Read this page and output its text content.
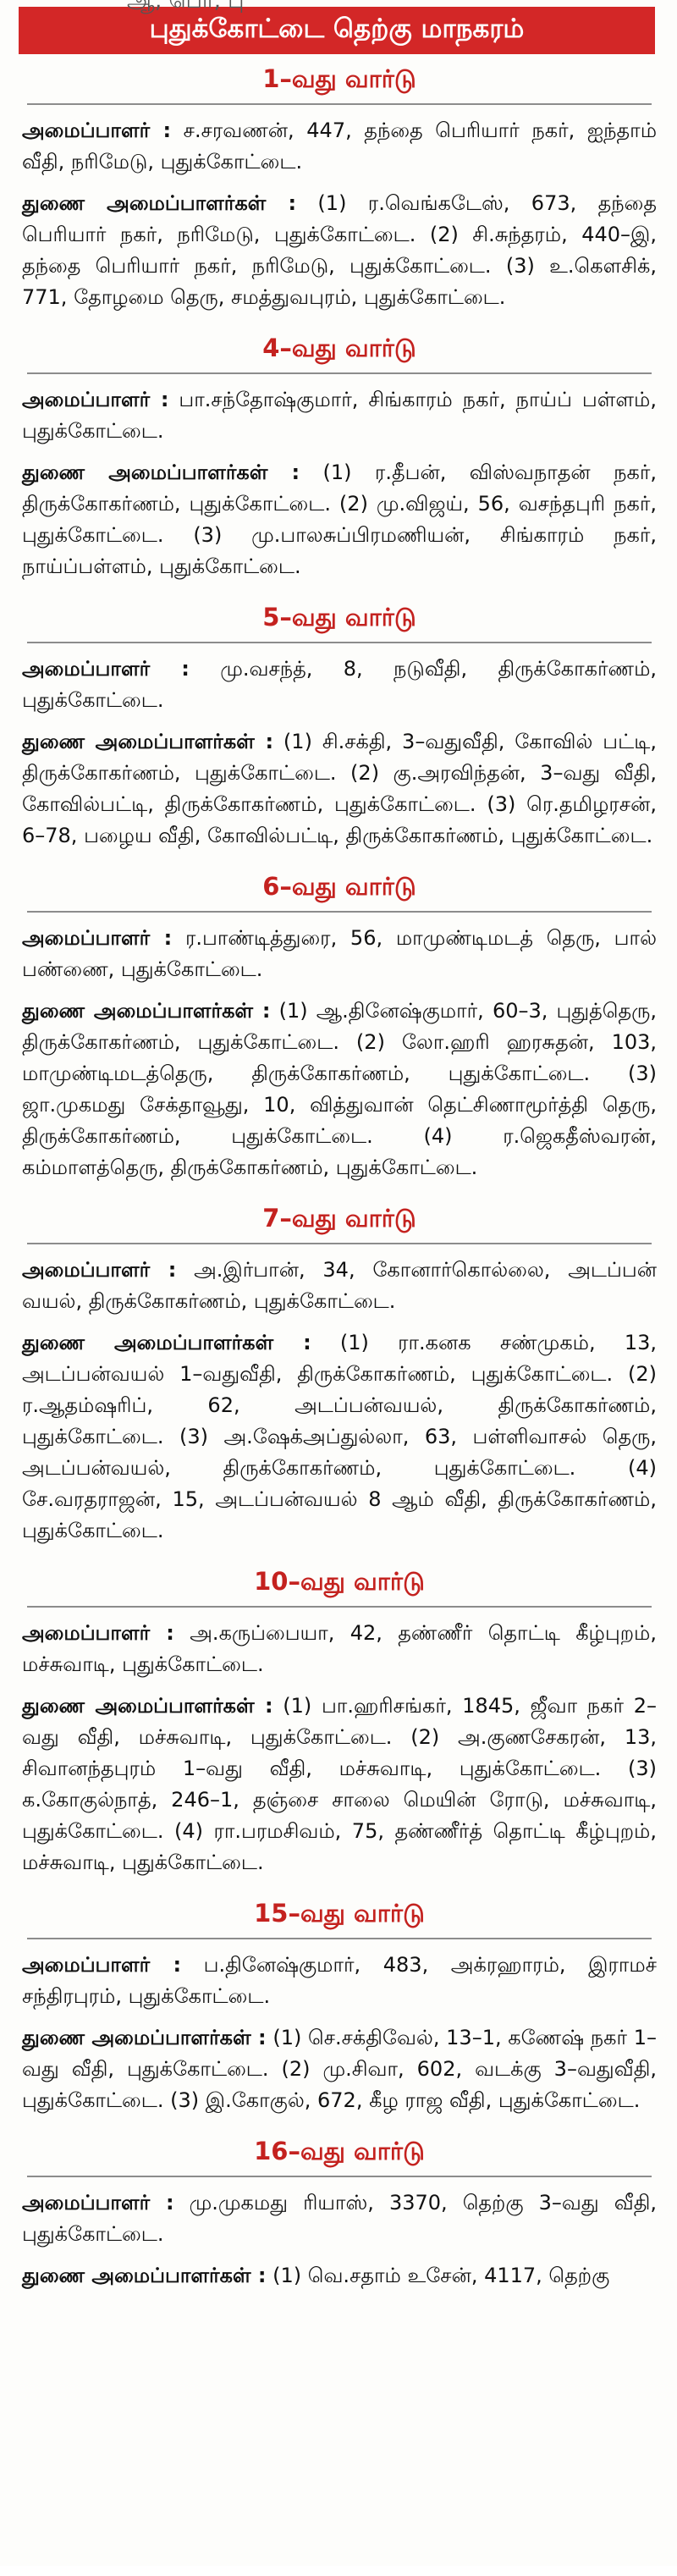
புதுக்கோட்டை தெற்கு மாநகரம்
1–வது வார்டு

அமைப்பாளர் : ச.சரவணன், 447, தந்தை பெரியார் நகர், ஐந்தாம் வீதி, நரிமேடு, புதுக்கோட்டை.

துணை அமைப்பாளர்கள் : (1) ர.வெங்கடேஸ், 673, தந்தை பெரியார் நகர், நரிமேடு, புதுக்கோட்டை. (2) சி.சுந்தரம், 440–இ, தந்தை பெரியார் நகர், நரிமேடு, புதுக்கோட்டை. (3) உ.கௌசிக், 771, தோழமை தெரு, சமத்துவபுரம், புதுக்கோட்டை.

4–வது வார்டு

அமைப்பாளர் : பா.சந்தோஷ்குமார், சிங்காரம் நகர், நாய்ப் பள்ளம், புதுக்கோட்டை.

துணை அமைப்பாளர்கள் : (1) ர.தீபன், விஸ்வநாதன் நகர், திருக்கோகர்ணம், புதுக்கோட்டை. (2) மு.விஜய், 56, வசந்தபுரி நகர், புதுக்கோட்டை. (3) மு.பாலசுப்பிரமணியன், சிங்காரம் நகர், நாய்ப்பள்ளம், புதுக்கோட்டை.

5–வது வார்டு

அமைப்பாளர் : மு.வசந்த், 8, நடுவீதி, திருக்கோகர்ணம், புதுக்கோட்டை.

துணை அமைப்பாளர்கள் : (1) சி.சக்தி, 3–வதுவீதி, கோவில் பட்டி, திருக்கோகர்ணம், புதுக்கோட்டை. (2) கு.அரவிந்தன், 3–வது வீதி, கோவில்பட்டி, திருக்கோகர்ணம், புதுக்கோட்டை. (3) ரெ.தமிழரசன், 6–78, பழைய வீதி, கோவில்பட்டி, திருக்கோகர்ணம், புதுக்கோட்டை.

6–வது வார்டு

அமைப்பாளர் : ர.பாண்டித்துரை, 56, மாமுண்டிமடத் தெரு, பால் பண்ணை, புதுக்கோட்டை.

துணை அமைப்பாளர்கள் : (1) ஆ.தினேஷ்குமார், 60–3, புதுத்தெரு, திருக்கோகர்ணம், புதுக்கோட்டை. (2) லோ.ஹரி ஹரசுதன், 103, மாமுண்டிமடத்தெரு, திருக்கோகர்ணம், புதுக்கோட்டை. (3) ஜா.முகமது சேக்தாவூது, 10, வித்துவான் தெட்சிணாமூர்த்தி தெரு, திருக்கோகர்ணம், புதுக்கோட்டை. (4) ர.ஜெகதீஸ்வரன், கம்மாளத்தெரு, திருக்கோகர்ணம், புதுக்கோட்டை.

7–வது வார்டு

அமைப்பாளர் : அ.இர்பான், 34, கோனார்கொல்லை, அடப்பன் வயல், திருக்கோகர்ணம், புதுக்கோட்டை.

துணை அமைப்பாளர்கள் : (1) ரா.கனக சண்முகம், 13, அடப்பன்வயல் 1–வதுவீதி, திருக்கோகர்ணம், புதுக்கோட்டை. (2) ர.ஆதம்ஷரிப், 62, அடப்பன்வயல், திருக்கோகர்ணம், புதுக்கோட்டை. (3) அ.ஷேக்அப்துல்லா, 63, பள்ளிவாசல் தெரு, அடப்பன்வயல், திருக்கோகர்ணம், புதுக்கோட்டை. (4) சே.வரதராஜன், 15, அடப்பன்வயல் 8 ஆம் வீதி, திருக்கோகர்ணம், புதுக்கோட்டை.

10–வது வார்டு

அமைப்பாளர் : அ.கருப்பையா, 42, தண்ணீர் தொட்டி கீழ்புறம், மச்சுவாடி, புதுக்கோட்டை.

துணை அமைப்பாளர்கள் : (1) பா.ஹரிசங்கர், 1845, ஜீவா நகர் 2–வது வீதி, மச்சுவாடி, புதுக்கோட்டை. (2) அ.குணசேகரன், 13, சிவானந்தபுரம் 1–வது வீதி, மச்சுவாடி, புதுக்கோட்டை. (3) க.கோகுல்நாத், 246–1, தஞ்சை சாலை மெயின் ரோடு, மச்சுவாடி, புதுக்கோட்டை. (4) ரா.பரமசிவம், 75, தண்ணீர்த் தொட்டி கீழ்புறம், மச்சுவாடி, புதுக்கோட்டை.

15–வது வார்டு

அமைப்பாளர் : ப.தினேஷ்குமார், 483, அக்ரஹாரம், இராமச் சந்திரபுரம், புதுக்கோட்டை.

துணை அமைப்பாளர்கள் : (1) செ.சக்திவேல், 13–1, கணேஷ் நகர் 1–வது வீதி, புதுக்கோட்டை. (2) மு.சிவா, 602, வடக்கு 3–வதுவீதி, புதுக்கோட்டை. (3) இ.கோகுல், 672, கீழ ராஜ வீதி, புதுக்கோட்டை.

16–வது வார்டு

அமைப்பாளர் : மு.முகமது ரியாஸ், 3370, தெற்கு 3–வது வீதி, புதுக்கோட்டை.

துணை அமைப்பாளர்கள் : (1) வெ.சதாம் உசேன், 4117, தெற்கு
